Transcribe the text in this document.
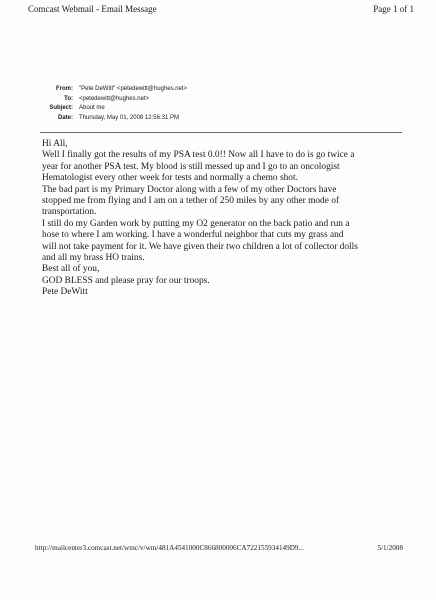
Comcast Webmail - Email Message	Page 1 of 1
From:	"Pete DeWitt" <petedewitt@hughes.net>
To:	<petedewitt@hughes.net>
Subject:	About me
Date:	Thursday, May 01, 2008 12:56:31 PM
Hi All,
Well I finally got the results of my PSA test 0.0!! Now all I have to do is go twice a
year for another PSA test. My blood is still messed up and I go to an oncologist
Hematologist every other week for tests and normally a chemo shot.
The bad part is my Primary Doctor along with a few of my other Doctors have
stopped me from flying and I am on a tether of 250 miles by any other mode of
transportation.
I still do my Garden work by putting my O2 generator on the back patio and run a
hose to where I am working. I have a wonderful neighbor that cuts my grass and
will not take payment for it. We have given their two children a lot of collector dolls
and all my brass HO trains.
Best all of you,
GOD BLESS and please pray for our troops.
Pete DeWitt
http://mailcenter3.comcast.net/wmc/v/wm/481A4541000C866800006CA722155934149D9...	5/1/2008
